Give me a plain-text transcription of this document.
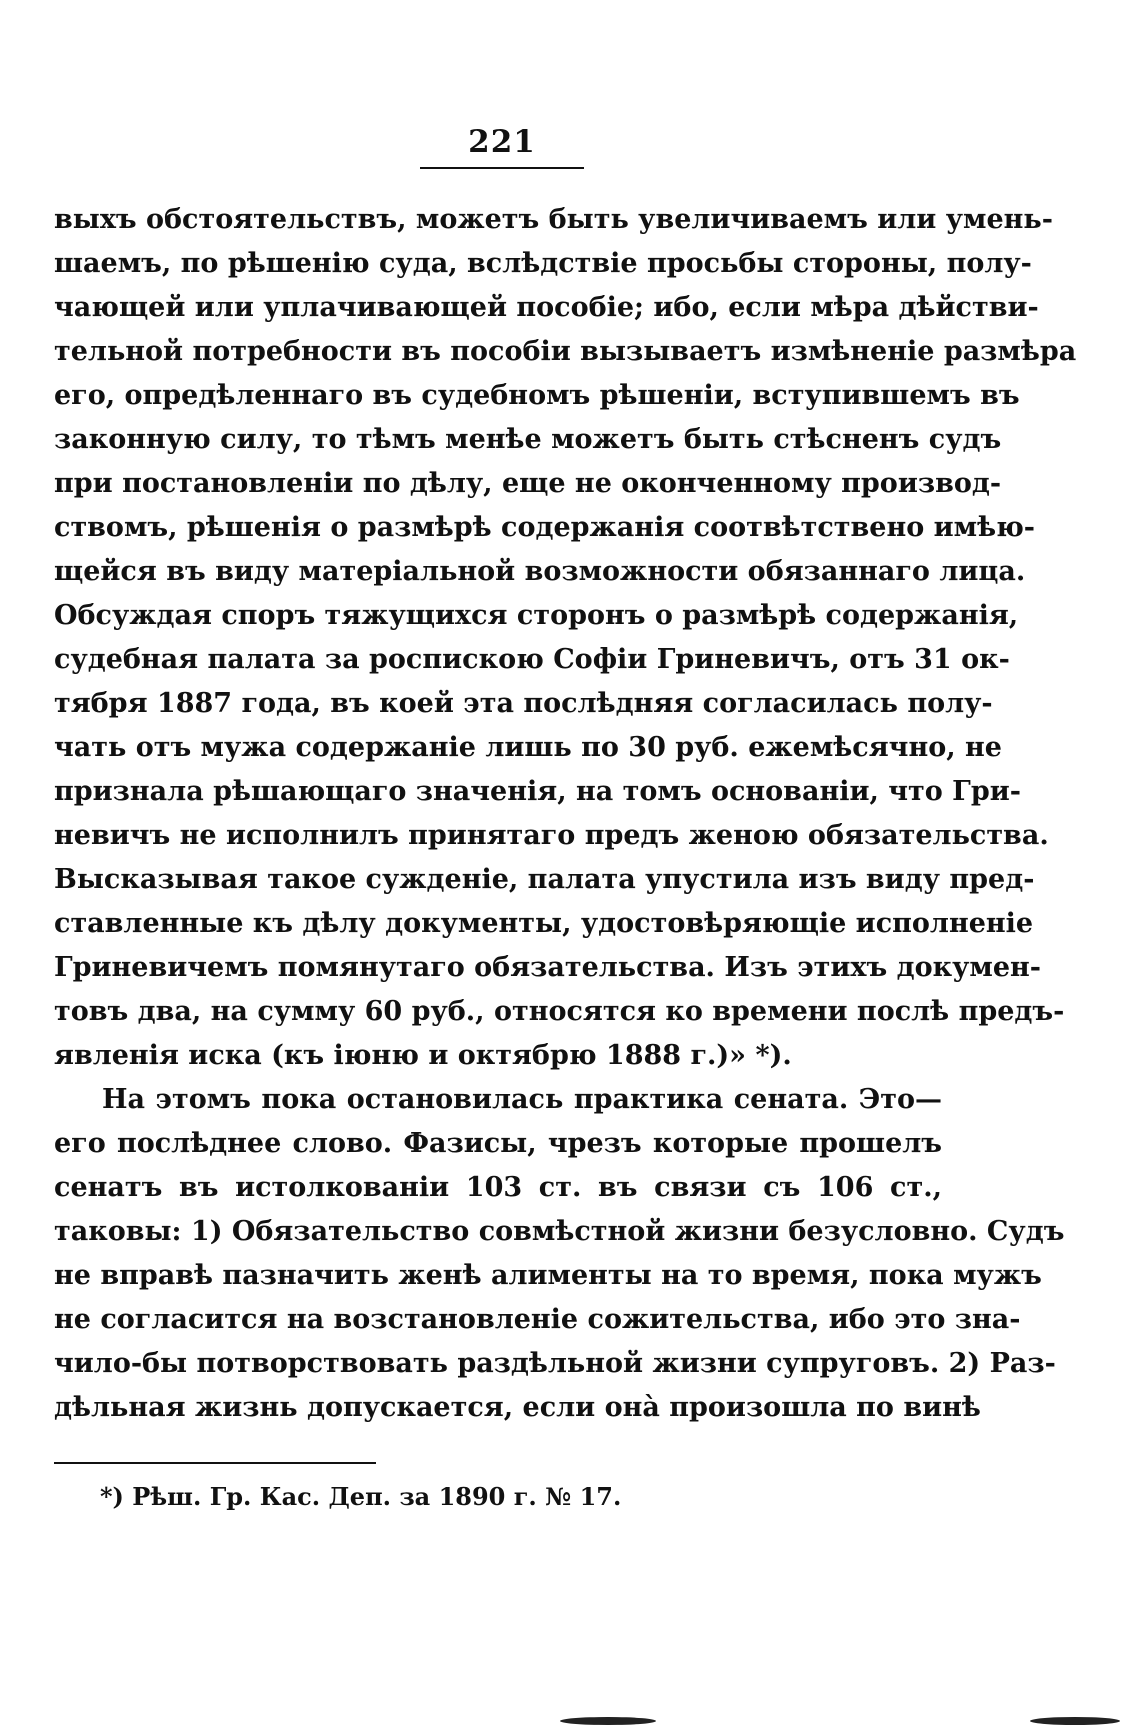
221
выхъ обстоятельствъ, можетъ быть увеличиваемъ или умень-
шаемъ, по рѣшенiю суда, вслѣдствiе просьбы стороны, полу-
чающей или уплачивающей пособiе; ибо, если мѣра дѣйстви-
тельной потребности въ пособiи вызываетъ измѣненiе размѣра
его, опредѣленнаго въ судебномъ рѣшенiи, вступившемъ въ
законную силу, то тѣмъ менѣе можетъ быть стѣсненъ судъ
при постановленiи по дѣлу, еще не оконченному производ-
ствомъ, рѣшенiя о размѣрѣ содержанiя соотвѣтствено имѣю-
щейся въ виду матерiальной возможности обязаннаго лица.
Обсуждая споръ тяжущихся сторонъ о размѣрѣ содержанiя,
судебная палата за роспискою Софiи Гриневичъ, отъ 31 ок-
тября 1887 года, въ коей эта послѣдняя согласилась полу-
чать отъ мужа содержанiе лишь по 30 руб. ежемѣсячно, не
признала рѣшающаго значенiя, на томъ основанiи, что Гри-
невичъ не исполнилъ принятаго предъ женою обязательства.
Высказывая такое сужденiе, палата упустила изъ виду пред-
ставленные къ дѣлу документы, удостовѣряющiе исполненiе
Гриневичемъ помянутаго обязательства. Изъ этихъ докумен-
товъ два, на сумму 60 руб., относятся ко времени послѣ предъ-
явленiя иска (къ iюню и октябрю 1888 г.)» *).
На этомъ пока остановилась практика сената. Это—
его послѣднее слово. Фазисы, чрезъ которые прошелъ
сенатъ въ истолкованiи 103 ст. въ связи съ 106 ст.,
таковы: 1) Обязательство совмѣстной жизни безусловно. Судъ
не вправѣ пазначить женѣ алименты на то время, пока мужъ
не согласится на возстановленiе сожительства, ибо это зна-
чило-бы потворствовать раздѣльной жизни супруговъ. 2) Раз-
дѣльная жизнь допускается, если она̀ произошла по винѣ
*) Рѣш. Гр. Кас. Деп. за 1890 г. № 17.
